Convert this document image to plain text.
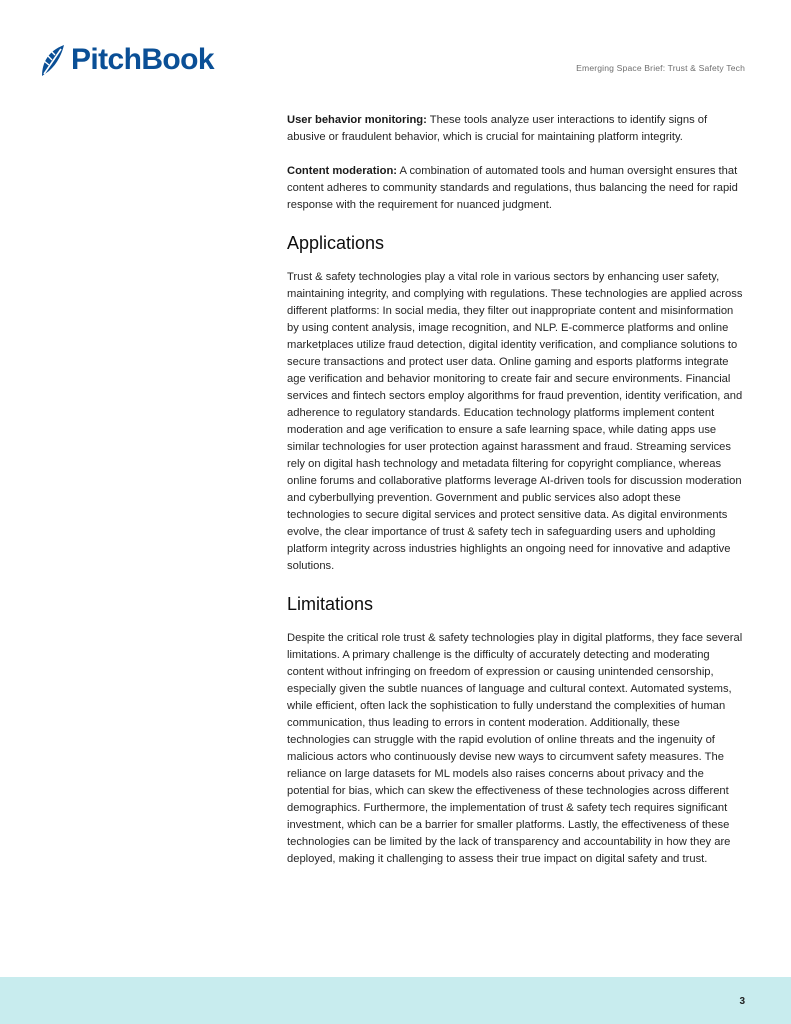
PitchBook	Emerging Space Brief: Trust & Safety Tech

User behavior monitoring: These tools analyze user interactions to identify signs of abusive or fraudulent behavior, which is crucial for maintaining platform integrity.

Content moderation: A combination of automated tools and human oversight ensures that content adheres to community standards and regulations, thus balancing the need for rapid response with the requirement for nuanced judgment.

Applications

Trust & safety technologies play a vital role in various sectors by enhancing user safety, maintaining integrity, and complying with regulations. These technologies are applied across different platforms: In social media, they filter out inappropriate content and misinformation by using content analysis, image recognition, and NLP. E-commerce platforms and online marketplaces utilize fraud detection, digital identity verification, and compliance solutions to secure transactions and protect user data. Online gaming and esports platforms integrate age verification and behavior monitoring to create fair and secure environments. Financial services and fintech sectors employ algorithms for fraud prevention, identity verification, and adherence to regulatory standards. Education technology platforms implement content moderation and age verification to ensure a safe learning space, while dating apps use similar technologies for user protection against harassment and fraud. Streaming services rely on digital hash technology and metadata filtering for copyright compliance, whereas online forums and collaborative platforms leverage AI-driven tools for discussion moderation and cyberbullying prevention. Government and public services also adopt these technologies to secure digital services and protect sensitive data. As digital environments evolve, the clear importance of trust & safety tech in safeguarding users and upholding platform integrity across industries highlights an ongoing need for innovative and adaptive solutions.

Limitations

Despite the critical role trust & safety technologies play in digital platforms, they face several limitations. A primary challenge is the difficulty of accurately detecting and moderating content without infringing on freedom of expression or causing unintended censorship, especially given the subtle nuances of language and cultural context. Automated systems, while efficient, often lack the sophistication to fully understand the complexities of human communication, thus leading to errors in content moderation. Additionally, these technologies can struggle with the rapid evolution of online threats and the ingenuity of malicious actors who continuously devise new ways to circumvent safety measures. The reliance on large datasets for ML models also raises concerns about privacy and the potential for bias, which can skew the effectiveness of these technologies across different demographics. Furthermore, the implementation of trust & safety tech requires significant investment, which can be a barrier for smaller platforms. Lastly, the effectiveness of these technologies can be limited by the lack of transparency and accountability in how they are deployed, making it challenging to assess their true impact on digital safety and trust.

3
